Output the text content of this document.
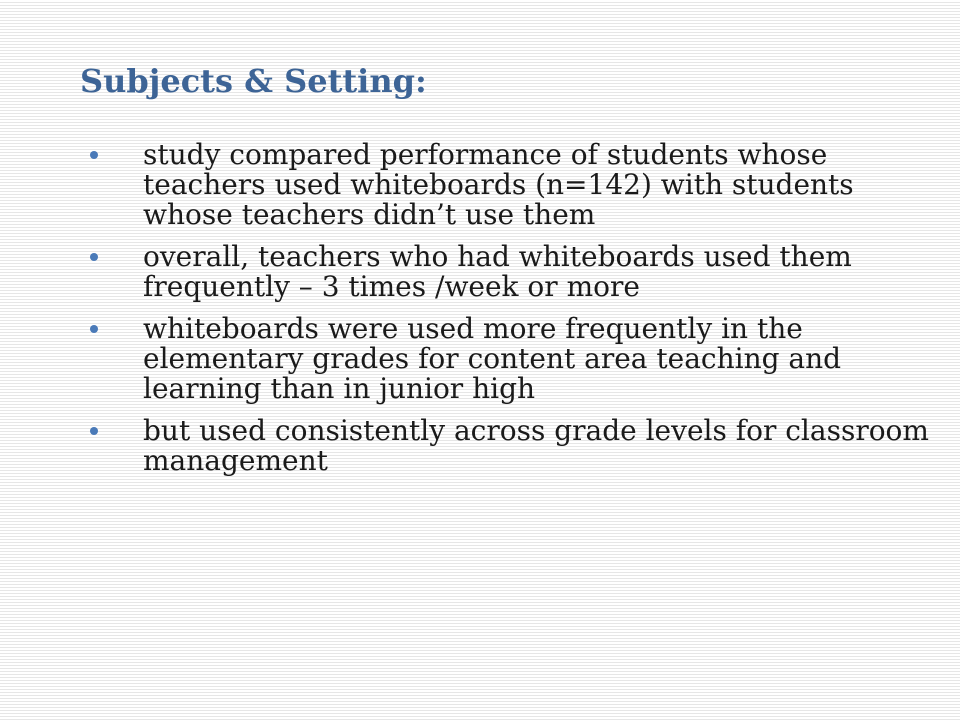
Subjects & Setting:
study compared performance of students whose teachers used whiteboards (n=142) with students whose teachers didn’t use them
overall, teachers who had whiteboards used them frequently – 3 times /week or more
whiteboards were used more frequently in the elementary grades for content area teaching and learning than in junior high
but used consistently across grade levels for classroom management
